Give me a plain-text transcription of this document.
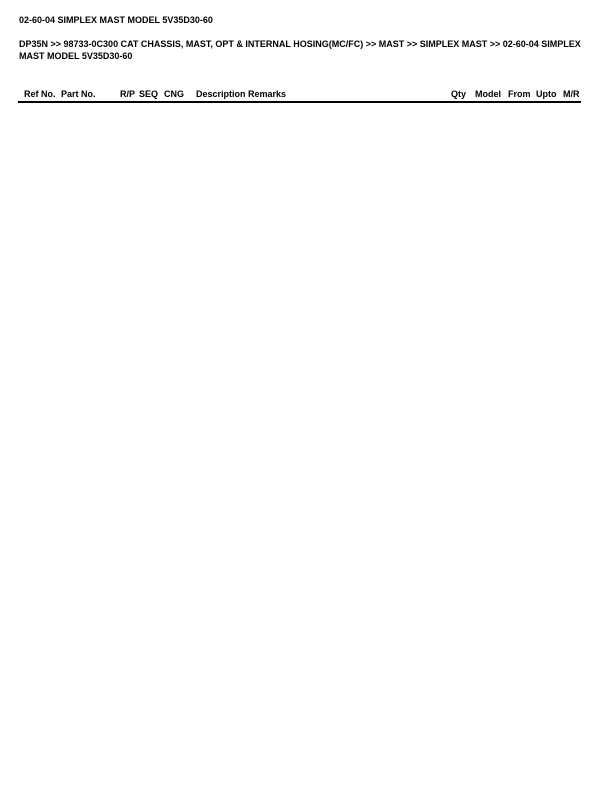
02-60-04 SIMPLEX MAST MODEL 5V35D30-60
DP35N >> 98733-0C300 CAT CHASSIS, MAST, OPT & INTERNAL HOSING(MC/FC) >> MAST >> SIMPLEX MAST >> 02-60-04 SIMPLEX
MAST MODEL 5V35D30-60
Ref No. Part No.	R/P SEQ CNG	Description Remarks	Qty Model From Upto M/R
